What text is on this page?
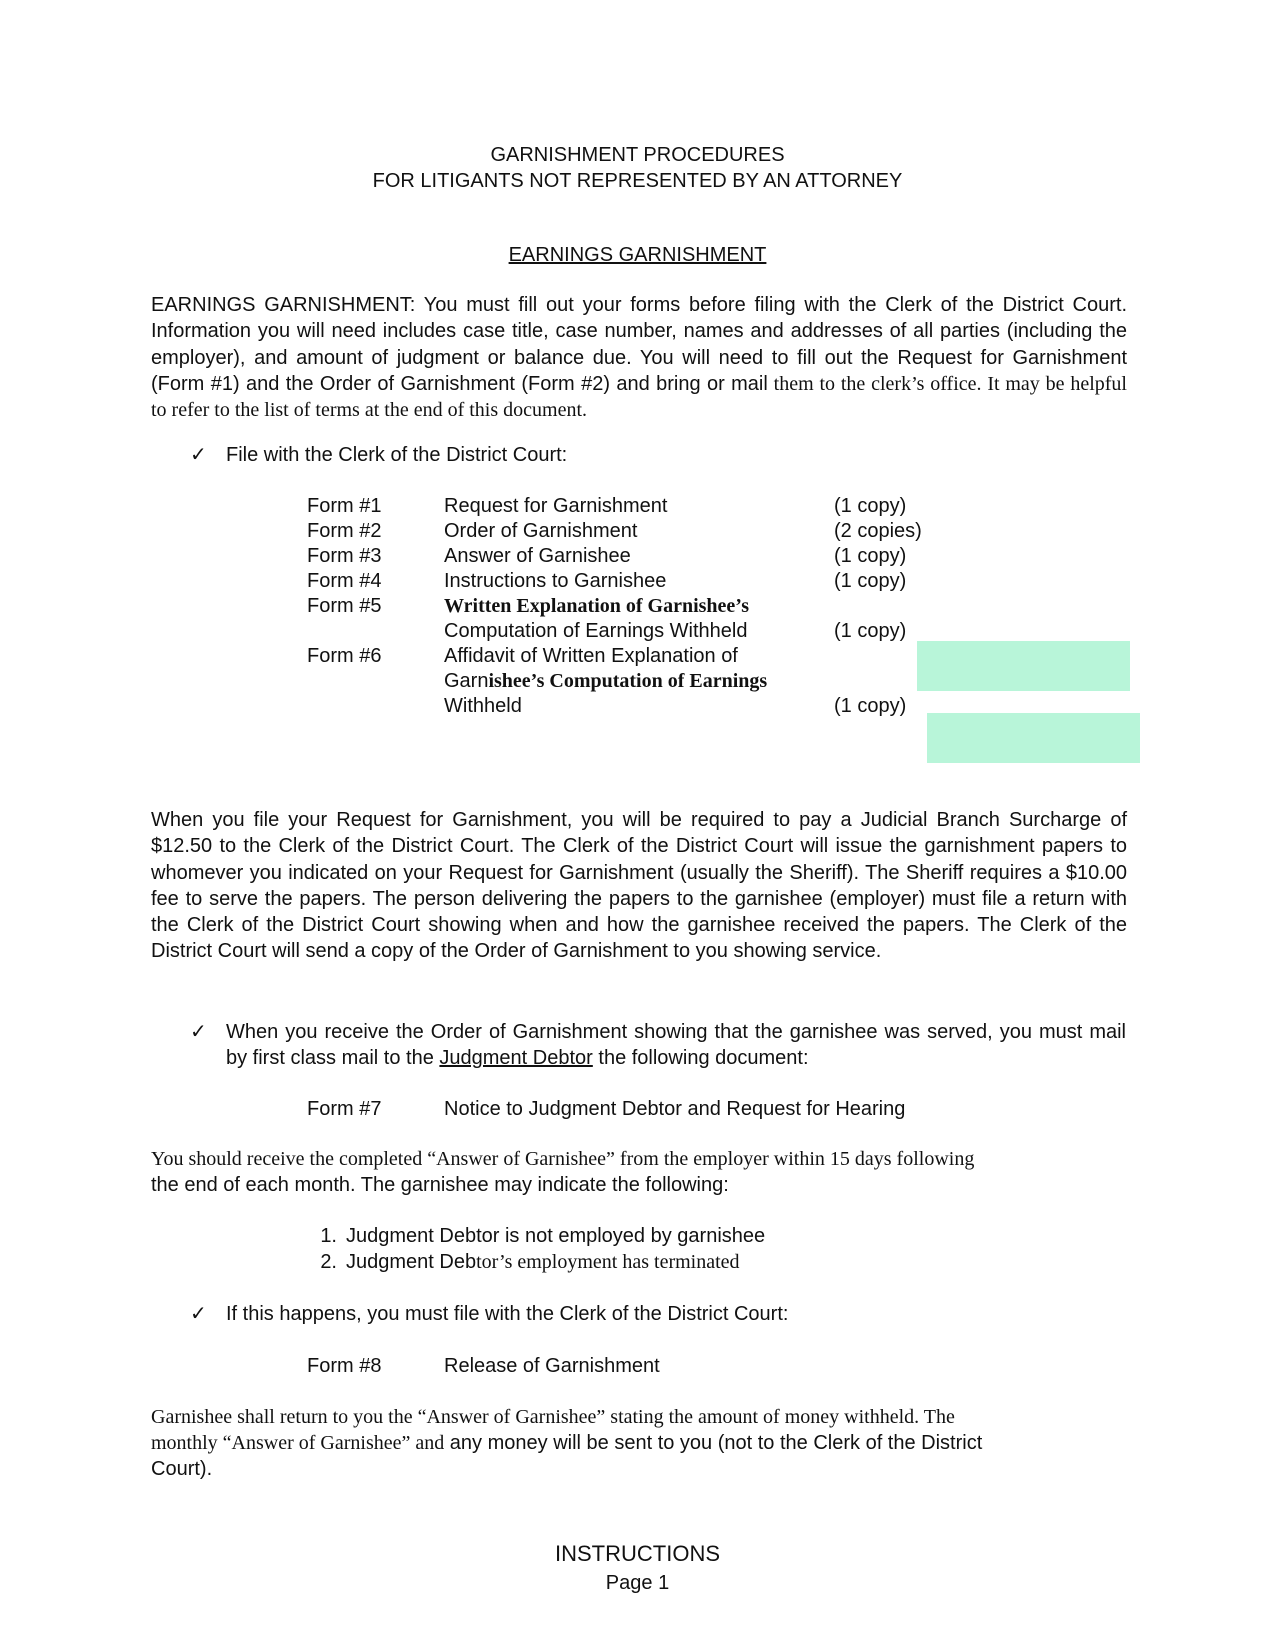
GARNISHMENT PROCEDURES
FOR LITIGANTS NOT REPRESENTED BY AN ATTORNEY
EARNINGS GARNISHMENT
EARNINGS GARNISHMENT: You must fill out your forms before filing with the Clerk of the District Court. Information you will need includes case title, case number, names and addresses of all parties (including the employer), and amount of judgment or balance due. You will need to fill out the Request for Garnishment (Form #1) and the Order of Garnishment (Form #2) and bring or mail them to the clerk’s office. It may be helpful to refer to the list of terms at the end of this document.
✓ File with the Clerk of the District Court:
Form #1	Request for Garnishment	(1 copy)
Form #2	Order of Garnishment	(2 copies)
Form #3	Answer of Garnishee	(1 copy)
Form #4	Instructions to Garnishee	(1 copy)
Form #5	Written Explanation of Garnishee’s
Computation of Earnings Withheld	(1 copy)
Form #6	Affidavit of Written Explanation of
Garnishee’s Computation of Earnings
Withheld	(1 copy)
When you file your Request for Garnishment, you will be required to pay a Judicial Branch Surcharge of $12.50 to the Clerk of the District Court. The Clerk of the District Court will issue the garnishment papers to whomever you indicated on your Request for Garnishment (usually the Sheriff). The Sheriff requires a $10.00 fee to serve the papers. The person delivering the papers to the garnishee (employer) must file a return with the Clerk of the District Court showing when and how the garnishee received the papers. The Clerk of the District Court will send a copy of the Order of Garnishment to you showing service.
✓ When you receive the Order of Garnishment showing that the garnishee was served, you must mail by first class mail to the Judgment Debtor the following document:
Form #7	Notice to Judgment Debtor and Request for Hearing
You should receive the completed “Answer of Garnishee” from the employer within 15 days following
the end of each month. The garnishee may indicate the following:
1. Judgment Debtor is not employed by garnishee
2. Judgment Debtor’s employment has terminated
✓ If this happens, you must file with the Clerk of the District Court:
Form #8	Release of Garnishment
Garnishee shall return to you the “Answer of Garnishee” stating the amount of money withheld. The
monthly “Answer of Garnishee” and any money will be sent to you (not to the Clerk of the District
Court).
INSTRUCTIONS
Page 1
